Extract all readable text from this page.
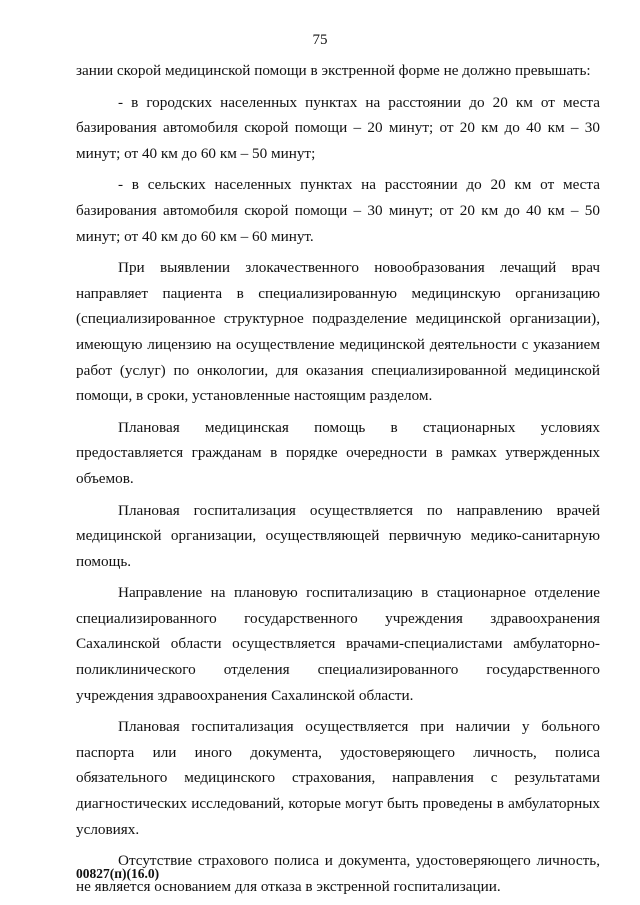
75

зании скорой медицинской помощи в экстренной форме не должно превышать:

- в городских населенных пунктах на расстоянии до 20 км от места базирования автомобиля скорой помощи – 20 минут; от 20 км до 40 км – 30 минут; от 40 км до 60 км – 50 минут;

- в сельских населенных пунктах на расстоянии до 20 км от места базирования автомобиля скорой помощи – 30 минут; от 20 км до 40 км – 50 минут; от 40 км до 60 км – 60 минут.

При выявлении злокачественного новообразования лечащий врач направляет пациента в специализированную медицинскую организацию (специализированное структурное подразделение медицинской организации), имеющую лицензию на осуществление медицинской деятельности с указанием работ (услуг) по онкологии, для оказания специализированной медицинской помощи, в сроки, установленные настоящим разделом.

Плановая медицинская помощь в стационарных условиях предоставляется гражданам в порядке очередности в рамках утвержденных объемов.

Плановая госпитализация осуществляется по направлению врачей медицинской организации, осуществляющей первичную медико-санитарную помощь.

Направление на плановую госпитализацию в стационарное отделение специализированного государственного учреждения здравоохранения Сахалинской области осуществляется врачами-специалистами амбулаторно-поликлинического отделения специализированного государственного учреждения здравоохранения Сахалинской области.

Плановая госпитализация осуществляется при наличии у больного паспорта или иного документа, удостоверяющего личность, полиса обязательного медицинского страхования, направления с результатами диагностических исследований, которые могут быть проведены в амбулаторных условиях.

Отсутствие страхового полиса и документа, удостоверяющего личность, не является основанием для отказа в экстренной госпитализации.

00827(п)(16.0)
